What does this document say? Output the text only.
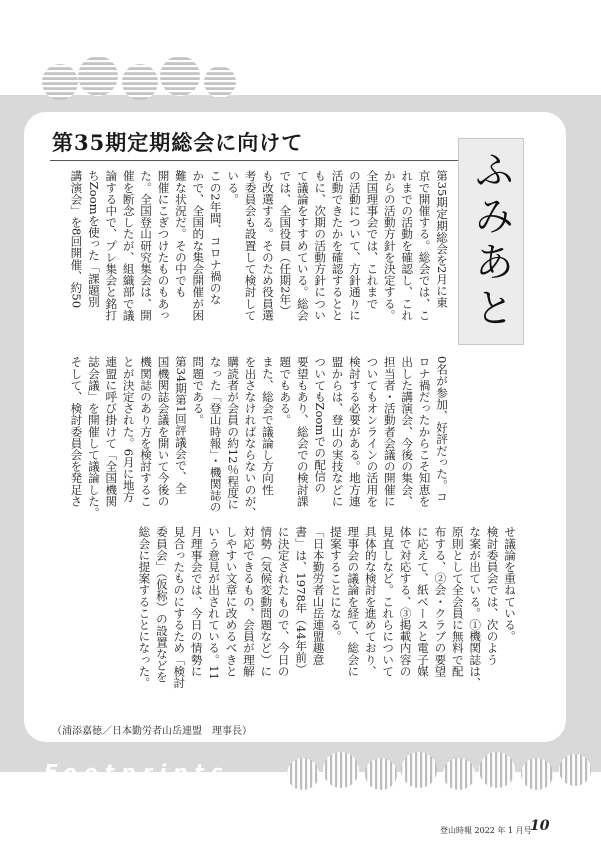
第35期定期総会に向けて
ふみあと

第35期定期総会を2月に東
京で開催する。総会では、こ
れまでの活動を確認し、これ
からの活動方針を決定する。
全国理事会では、これまで
の活動について、方針通りに
活動できたかを確認するとと
もに、次期の活動方針につい
て議論をすすめている。総会
では、全国役員（任期2年）
も改選する。そのため役員選
考委員会も設置して検討して
いる。
この2年間、コロナ禍のな
かで、全国的な集会開催が困
難な状況だ。その中でも
開催にこぎつけたものもあっ
た。全国登山研究集会は、開
催を断念したが、組織部で議
論する中で、プレ集会と銘打
ちZoomを使った「課題別
講演会」を8回開催、約50

0名が参加、好評だった。コ
ロナ禍だったからこそ知恵を
出した講演会、今後の集会、
担当者・活動者会議の開催に
ついてもオンラインの活用を
検討する必要がある。地方連
盟からは、登山の実技などに
ついてもZoomでの配信の
要望もあり、総会での検討課
題でもある。
また、総会で議論し方向性
を出さなければならないのが、
購読者が会員の約12％程度に
なった「登山時報」・機関誌の
問題である。
第34期第1回評議会で、全
国機関誌会議を開いて今後の
機関誌のあり方を検討するこ
とが決定された。6月に地方
連盟に呼び掛けて「全国機関
誌会議」を開催して議論した。
そして、検討委員会を発足さ

せ議論を重ねている。
検討委員会では、次のよう
な案が出ている。①機関誌は、
原則として全会員に無料で配
布する、②会・クラブの要望
に応えて、紙ベースと電子媒
体で対応する、③掲載内容の
見直しなど。これらについて
具体的な検討を進めており、
理事会の議論を経て、総会に
提案することになる。
「日本勤労者山岳連盟趣意
書」は、1978年（44年前）
に決定されたもので、今日の
情勢（気候変動問題など）に
対応できるもの、会員が理解
しやすい文章に改めるべきと
いう意見が出されている。11
月理事会では、今日の情勢に
見合ったものにするため「検討
委員会」（仮称）の設置などを
総会に提案することになった。

（浦添嘉徳／日本勤労者山岳連盟　理事長）
Footprints
登山時報 2022 年 1 月号
10
